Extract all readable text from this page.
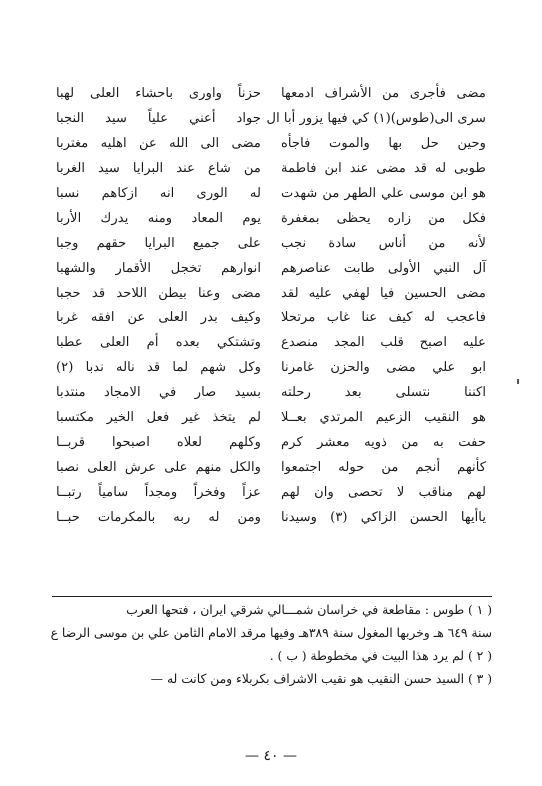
مضى فأجرى من الأشراف ادمعها
حزناً واورى باحشاء العلى لهبا
سرى الى(طوس)(١) كي فيها يزور أبا ال
جواد أعني علياً سيد النجبا
وحين حل بها والموت فاجأه
مضى الى الله عن اهليه مغتربا
طوبى له قد مضى عند ابن فاطمة
من شاع عند البرايا سيد الغربا
هو ابن موسى علي الطهر من شهدت
له الورى انه ازكاهم نسبا
فكل من زاره يحظى بمغفرة
يوم المعاد ومنه يدرك الأربا
لأنه من أناس سادة نجب
على جميع البرايا حقهم وجبا
آل النبي الأولى طابت عناصرهم
انوارهم تخجل الأقمار والشهبا
مضى الحسين فيا لهفي عليه لقد
مضى وعنا بيطن اللاحد قد حجبا
فاعجب له كيف عنا غاب مرتحلا
وكيف بدر العلى عن افقه غربا
عليه اصبح قلب المجد منصدع
وتشتكي بعده أم العلى عطبا
ابو علي مضى والحزن غامرنا
وكل شهم لما قد ناله ندبا (٢)
اكننا نتسلى بعد رحلته
بسيد صار في الامجاد منتدبا
هو النقيب الزعيم المرتدي بعــلا
لم يتخذ غير فعل الخير مكتسبا
حفت به من ذويه معشر كرم
وكلهم لعلاه اصبحوا قربــا
كأنهم أنجم من حوله اجتمعوا
والكل منهم على عرش العلى نصبا
لهم مناقب لا تحصى وان لهم
عزاً وفخراً ومجداً سامياً رتبــا
ياأيها الحسن الزاكي (٣) وسيدنا
ومن له ربه بالمكرمات حبــا
( ١ ) طوس : مقاطعة في خراسان شمـــالي شرقي ايران ، فتحها العرب
سنة ٦٤٩ هـ وخربها المغول سنة ٣٨٩هـ وفيها مرقد الامام الثامن علي بن موسى الرضا ع
( ٢ ) لم يرد هذا البيت في مخطوطة ( ب ) .
( ٣ ) السيد حسن النقيب هو نقيب الاشراف بكربلاء ومن كانت له —
— ٤٠ —
